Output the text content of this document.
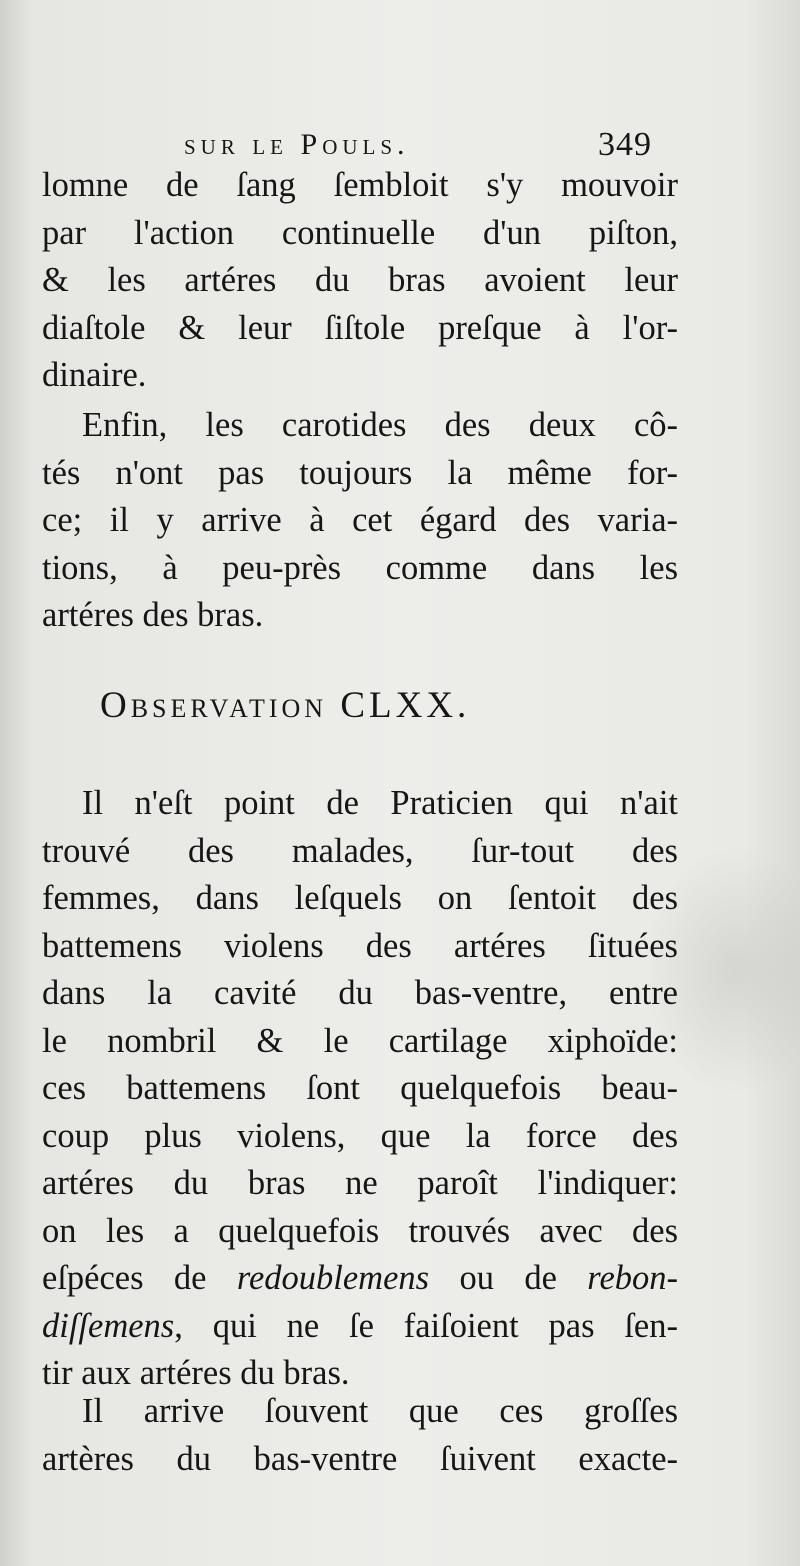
sur le Pouls.	349
lomne de ſang ſembloit s'y mouvoir
par l'action continuelle d'un piſton,
& les artéres du bras avoient leur
diaſtole & leur ſiſtole preſque à l'or-
dinaire.
Enfin, les carotides des deux cô-
tés n'ont pas toujours la même for-
ce; il y arrive à cet égard des varia-
tions, à peu-près comme dans les
artéres des bras.
Observation CLXX.
Il n'eſt point de Praticien qui n'ait
trouvé des malades, ſur-tout des
femmes, dans leſquels on ſentoit des
battemens violens des artéres ſituées
dans la cavité du bas-ventre, entre
le nombril & le cartilage xiphoïde:
ces battemens ſont quelquefois beau-
coup plus violens, que la force des
artéres du bras ne paroît l'indiquer:
on les a quelquefois trouvés avec des
eſpéces de redoublemens ou de rebon-
diſſemens, qui ne ſe faiſoient pas ſen-
tir aux artéres du bras.
Il arrive ſouvent que ces groſſes
artères du bas-ventre ſuivent exacte-
